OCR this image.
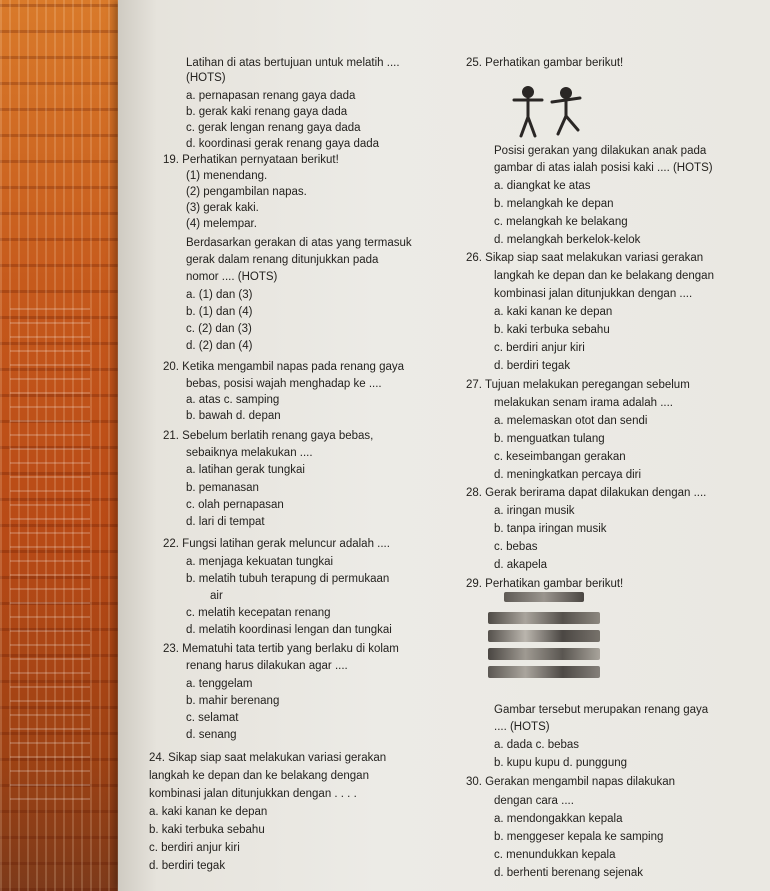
Latihan di atas bertujuan untuk melatih ....
(HOTS)
a. pernapasan renang gaya dada
b. gerak kaki renang gaya dada
c. gerak lengan renang gaya dada
d. koordinasi gerak renang gaya dada
19. Perhatikan pernyataan berikut!
(1) menendang.
(2) pengambilan napas.
(3) gerak kaki.
(4) melempar.
Berdasarkan gerakan di atas yang termasuk
gerak dalam renang ditunjukkan pada
nomor .... (HOTS)
a. (1) dan (3)
b. (1) dan (4)
c. (2) dan (3)
d. (2) dan (4)
20. Ketika mengambil napas pada renang gaya
bebas, posisi wajah menghadap ke ....
a. atas c. samping
b. bawah d. depan
21. Sebelum berlatih renang gaya bebas,
sebaiknya melakukan ....
a. latihan gerak tungkai
b. pemanasan
c. olah pernapasan
d. lari di tempat
22. Fungsi latihan gerak meluncur adalah ....
a. menjaga kekuatan tungkai
b. melatih tubuh terapung di permukaan
air
c. melatih kecepatan renang
d. melatih koordinasi lengan dan tungkai
23. Mematuhi tata tertib yang berlaku di kolam
renang harus dilakukan agar ....
a. tenggelam
b. mahir berenang
c. selamat
d. senang
24. Sikap siap saat melakukan variasi gerakan
langkah ke depan dan ke belakang dengan
kombinasi jalan ditunjukkan dengan . . . .
a. kaki kanan ke depan
b. kaki terbuka sebahu
c. berdiri anjur kiri
d. berdiri tegak
25. Perhatikan gambar berikut!
Posisi gerakan yang dilakukan anak pada
gambar di atas ialah posisi kaki .... (HOTS)
a. diangkat ke atas
b. melangkah ke depan
c. melangkah ke belakang
d. melangkah berkelok-kelok
26. Sikap siap saat melakukan variasi gerakan
langkah ke depan dan ke belakang dengan
kombinasi jalan ditunjukkan dengan ....
a. kaki kanan ke depan
b. kaki terbuka sebahu
c. berdiri anjur kiri
d. berdiri tegak
27. Tujuan melakukan peregangan sebelum
melakukan senam irama adalah ....
a. melemaskan otot dan sendi
b. menguatkan tulang
c. keseimbangan gerakan
d. meningkatkan percaya diri
28. Gerak berirama dapat dilakukan dengan ....
a. iringan musik
b. tanpa iringan musik
c. bebas
d. akapela
29. Perhatikan gambar berikut!
Gambar tersebut merupakan renang gaya
.... (HOTS)
a. dada c. bebas
b. kupu kupu d. punggung
30. Gerakan mengambil napas dilakukan
dengan cara ....
a. mendongakkan kepala
b. menggeser kepala ke samping
c. menundukkan kepala
d. berhenti berenang sejenak
